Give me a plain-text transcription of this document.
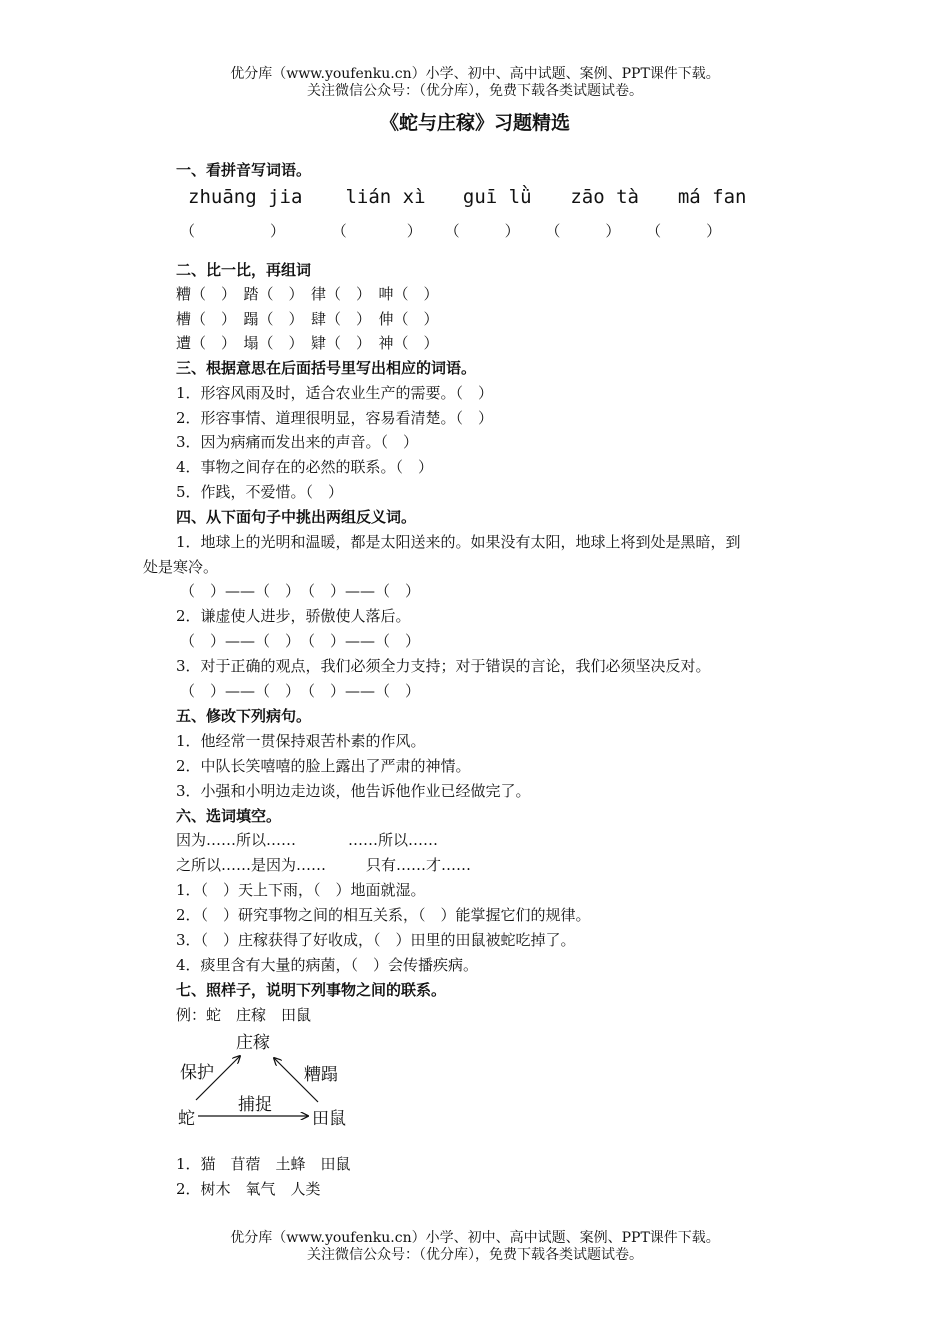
优分库（www.youfenku.cn）小学、初中、高中试题、案例、PPT课件下载。
关注微信公众号：（优分库），免费下载各类试题试卷。
《蛇与庄稼》习题精选
一、看拼音写词语。
zhuāng jia lián xì guī lǜ zāo tà má fan
（　　　　　）	（　　　　） （　　　） （　　　） （　　　）
二、比一比，再组词
糟（　）　踏（　）　律（　）　呻（　）
槽（　）　蹋（　）　肆（　）　伸（　）
遭（　）　塌（　）　肄（　）　神（　）
三、根据意思在后面括号里写出相应的词语。
1．形容风雨及时，适合农业生产的需要。（　）
2．形容事情、道理很明显，容易看清楚。（　）
3．因为病痛而发出来的声音。（　）
4．事物之间存在的必然的联系。（　）
5．作践，不爱惜。（　）
四、从下面句子中挑出两组反义词。
1．地球上的光明和温暖，都是太阳送来的。如果没有太阳，地球上将到处是黑暗，到
处是寒冷。
（　）——（　）　（　）——（　）
2．谦虚使人进步，骄傲使人落后。
（　）——（　）　（　）——（　）
3．对于正确的观点，我们必须全力支持；对于错误的言论，我们必须坚决反对。
（　）——（　）　（　）——（　）
五、修改下列病句。
1．他经常一贯保持艰苦朴素的作风。
2．中队长笑嘻嘻的脸上露出了严肃的神情。
3．小强和小明边走边谈，他告诉他作业已经做完了。
六、选词填空。
因为……所以……	……所以……
之所以……是因为……	只有……才……
1．（　）天上下雨，（　）地面就湿。
2．（　）研究事物之间的相互关系，（　）能掌握它们的规律。
3．（　）庄稼获得了好收成，（　）田里的田鼠被蛇吃掉了。
4．痰里含有大量的病菌，（　）会传播疾病。
七、照样子，说明下列事物之间的联系。
例：蛇　庄稼　田鼠
庄稼
蛇	田鼠
保护	糟蹋
捕捉
1．猫　苜蓿　土蜂　田鼠
2．树木　氧气　人类
优分库（www.youfenku.cn）小学、初中、高中试题、案例、PPT课件下载。
关注微信公众号：（优分库），免费下载各类试题试卷。
